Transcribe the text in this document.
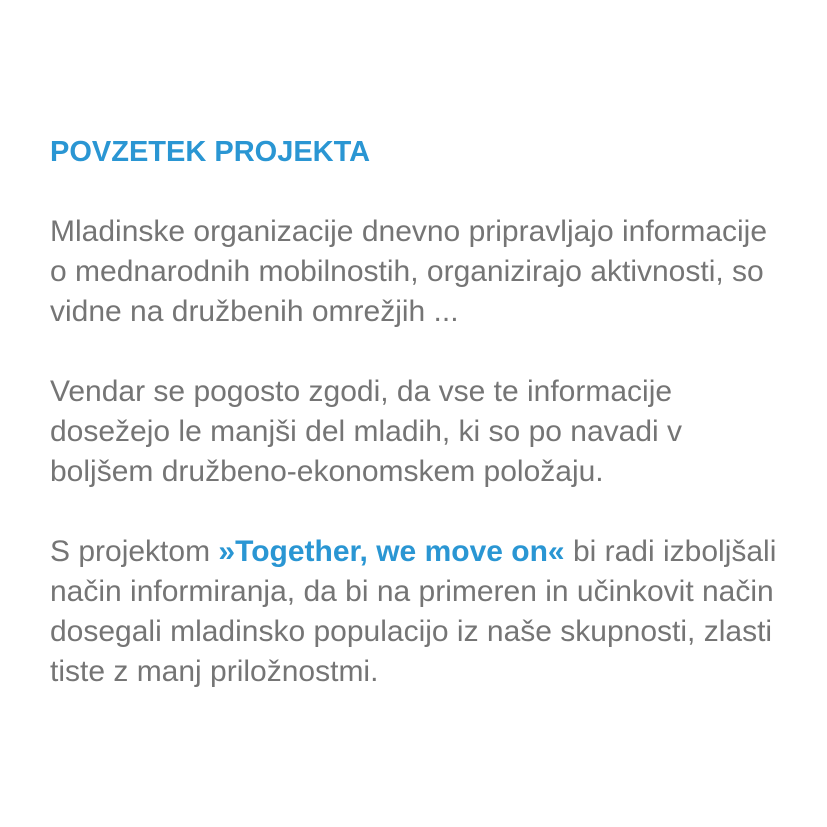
POVZETEK PROJEKTA

Mladinske organizacije dnevno pripravljajo informacije o mednarodnih mobilnostih, organizirajo aktivnosti, so vidne na družbenih omrežjih ...

Vendar se pogosto zgodi, da vse te informacije dosežejo le manjši del mladih, ki so po navadi v boljšem družbeno-ekonomskem položaju.

S projektom »Together, we move on« bi radi izboljšali način informiranja, da bi na primeren in učinkovit način dosegali mladinsko populacijo iz naše skupnosti, zlasti tiste z manj priložnostmi.
